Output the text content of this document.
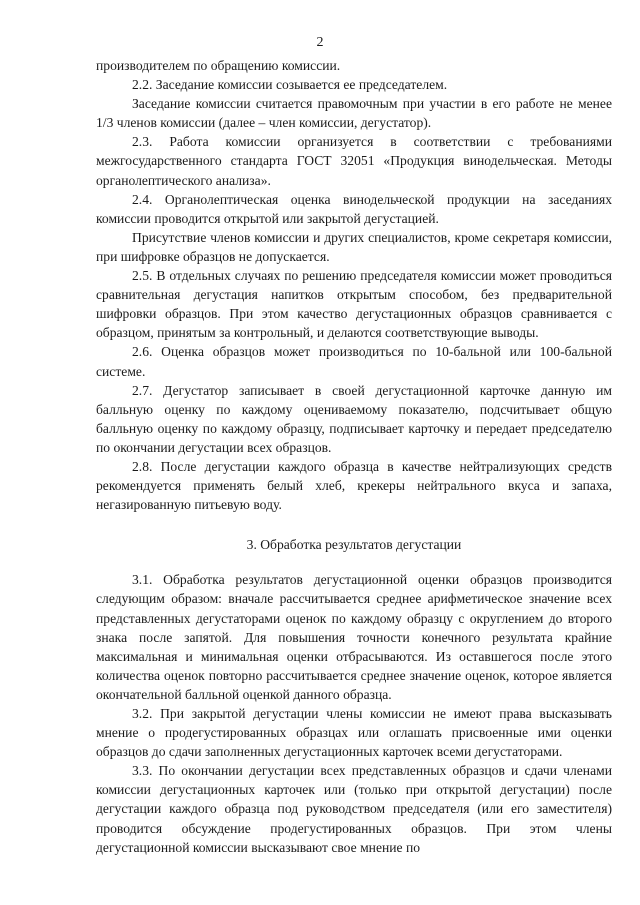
2

производителем по обращению комиссии.

2.2. Заседание комиссии созывается ее председателем.

Заседание комиссии считается правомочным при участии в его работе не менее 1/3 членов комиссии (далее – член комиссии, дегустатор).

2.3. Работа комиссии организуется в соответствии с требованиями межгосударственного стандарта ГОСТ 32051 «Продукция винодельческая. Методы органолептического анализа».

2.4. Органолептическая оценка винодельческой продукции на заседаниях комиссии проводится открытой или закрытой дегустацией.

Присутствие членов комиссии и других специалистов, кроме секретаря комиссии, при шифровке образцов не допускается.

2.5. В отдельных случаях по решению председателя комиссии может проводиться сравнительная дегустация напитков открытым способом, без предварительной шифровки образцов. При этом качество дегустационных образцов сравнивается с образцом, принятым за контрольный, и делаются соответствующие выводы.

2.6. Оценка образцов может производиться по 10-бальной или 100-бальной системе.

2.7. Дегустатор записывает в своей дегустационной карточке данную им балльную оценку по каждому оцениваемому показателю, подсчитывает общую балльную оценку по каждому образцу, подписывает карточку и передает председателю по окончании дегустации всех образцов.

2.8. После дегустации каждого образца в качестве нейтрализующих средств рекомендуется применять белый хлеб, крекеры нейтрального вкуса и запаха, негазированную питьевую воду.

3. Обработка результатов дегустации

3.1. Обработка результатов дегустационной оценки образцов производится следующим образом: вначале рассчитывается среднее арифметическое значение всех представленных дегустаторами оценок по каждому образцу с округлением до второго знака после запятой. Для повышения точности конечного результата крайние максимальная и минимальная оценки отбрасываются. Из оставшегося после этого количества оценок повторно рассчитывается среднее значение оценок, которое является окончательной балльной оценкой данного образца.

3.2. При закрытой дегустации члены комиссии не имеют права высказывать мнение о продегустированных образцах или оглашать присвоенные ими оценки образцов до сдачи заполненных дегустационных карточек всеми дегустаторами.

3.3. По окончании дегустации всех представленных образцов и сдачи членами комиссии дегустационных карточек или (только при открытой дегустации) после дегустации каждого образца под руководством председателя (или его заместителя) проводится обсуждение продегустированных образцов. При этом члены дегустационной комиссии высказывают свое мнение по
